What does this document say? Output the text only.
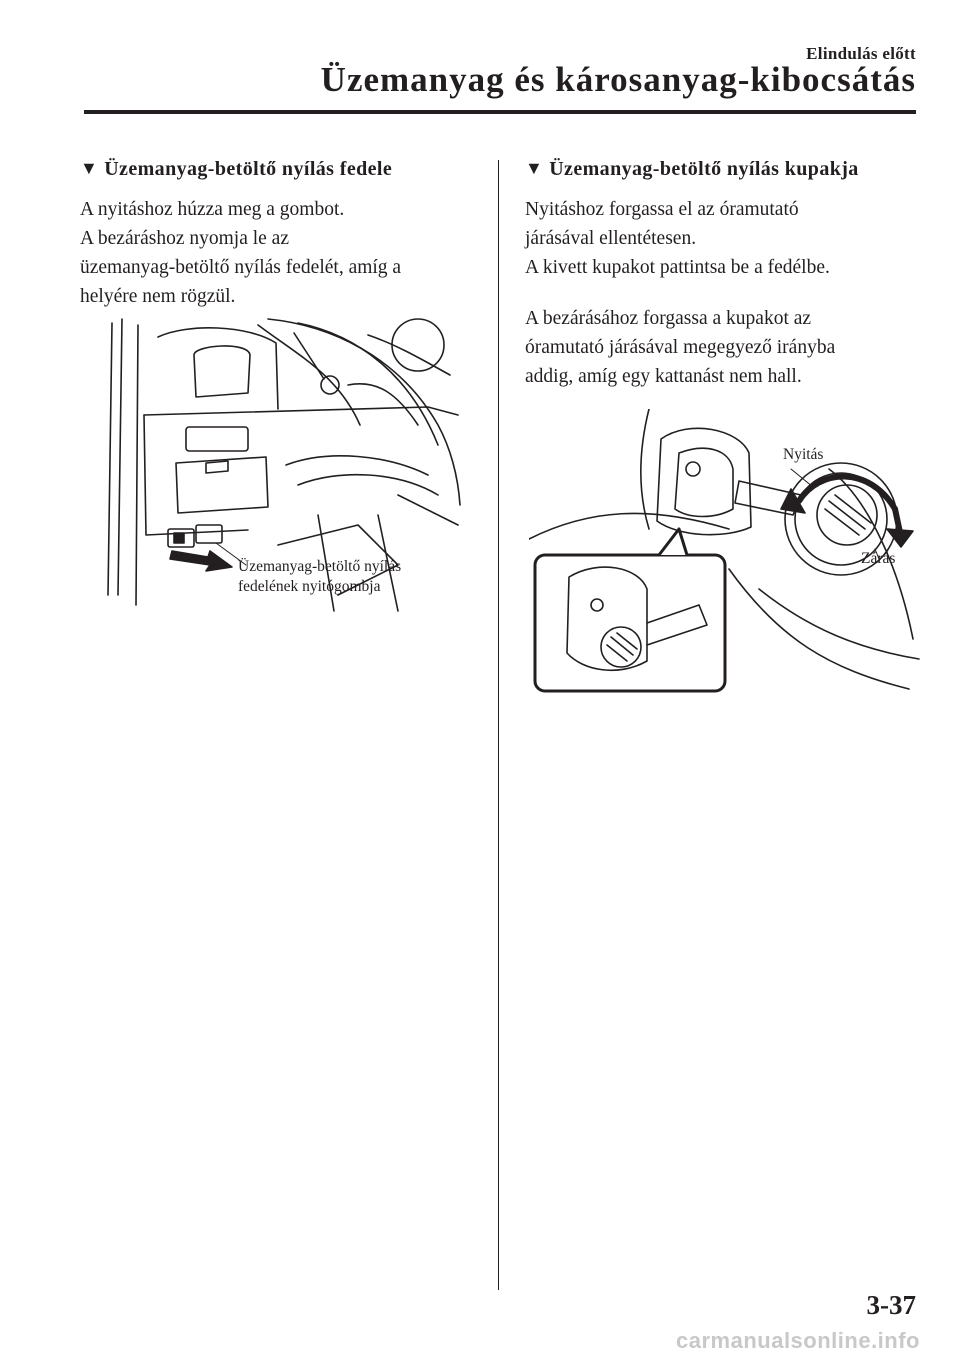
Elindulás előtt
Üzemanyag és károsanyag-kibocsátás
▼ Üzemanyag-betöltő nyílás fedele

A nyitáshoz húzza meg a gombot.

A bezáráshoz nyomja le az

üzemanyag-betöltő nyílás fedelét, amíg a

helyére nem rögzül.

Üzemanyag-betöltő nyílás
fedelének nyitógombja
▼ Üzemanyag-betöltő nyílás kupakja

Nyitáshoz forgassa el az óramutató

járásával ellentétesen.

A kivett kupakot pattintsa be a fedélbe.

A bezárásához forgassa a kupakot az

óramutató járásával megegyező irányba

addig, amíg egy kattanást nem hall.

Nyitás
Zárás
3-37
carmanualsonline.info
